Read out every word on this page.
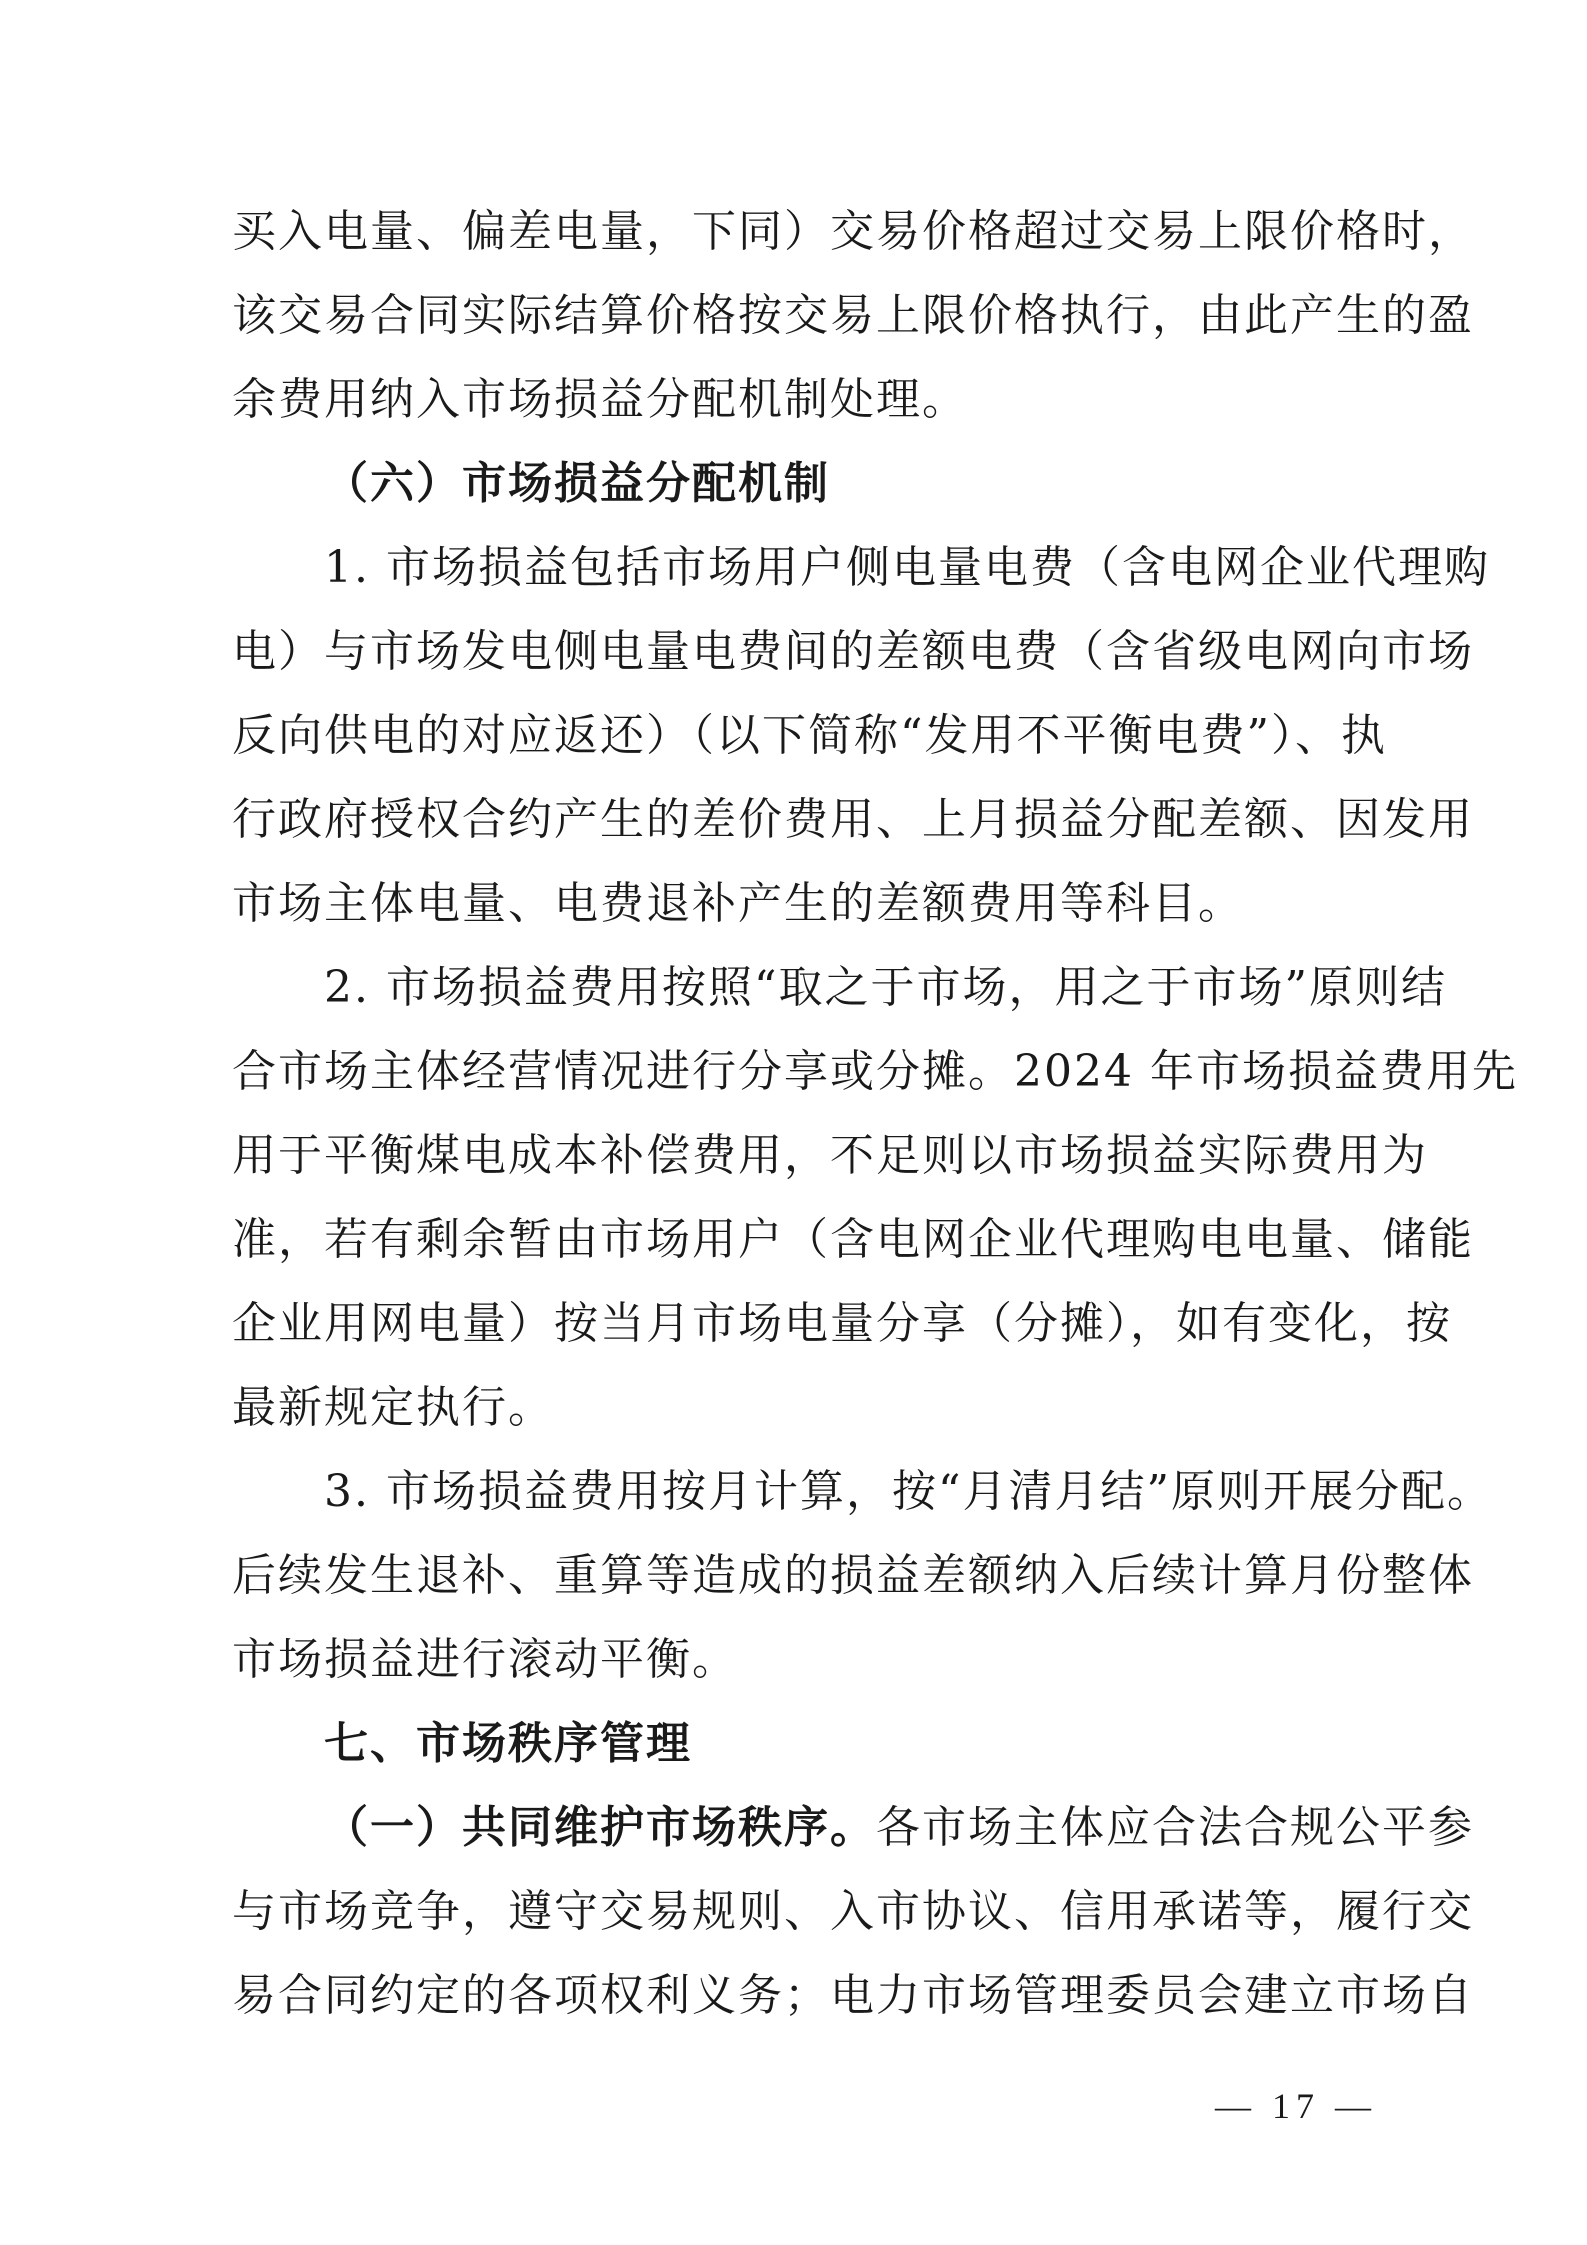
买入电量、偏差电量，下同）交易价格超过交易上限价格时，
该交易合同实际结算价格按交易上限价格执行，由此产生的盈
余费用纳入市场损益分配机制处理。
（六）市场损益分配机制
1. 市场损益包括市场用户侧电量电费（含电网企业代理购
电）与市场发电侧电量电费间的差额电费（含省级电网向市场
反向供电的对应返还）（以下简称“发用不平衡电费”）、执
行政府授权合约产生的差价费用、上月损益分配差额、因发用
市场主体电量、电费退补产生的差额费用等科目。
2. 市场损益费用按照“取之于市场，用之于市场”原则结
合市场主体经营情况进行分享或分摊。2024 年市场损益费用先
用于平衡煤电成本补偿费用，不足则以市场损益实际费用为
准，若有剩余暂由市场用户（含电网企业代理购电电量、储能
企业用网电量）按当月市场电量分享（分摊），如有变化，按
最新规定执行。
3. 市场损益费用按月计算，按“月清月结”原则开展分配。
后续发生退补、重算等造成的损益差额纳入后续计算月份整体
市场损益进行滚动平衡。
七、市场秩序管理
（一）共同维护市场秩序。各市场主体应合法合规公平参
与市场竞争，遵守交易规则、入市协议、信用承诺等，履行交
易合同约定的各项权利义务；电力市场管理委员会建立市场自
— 17 —
